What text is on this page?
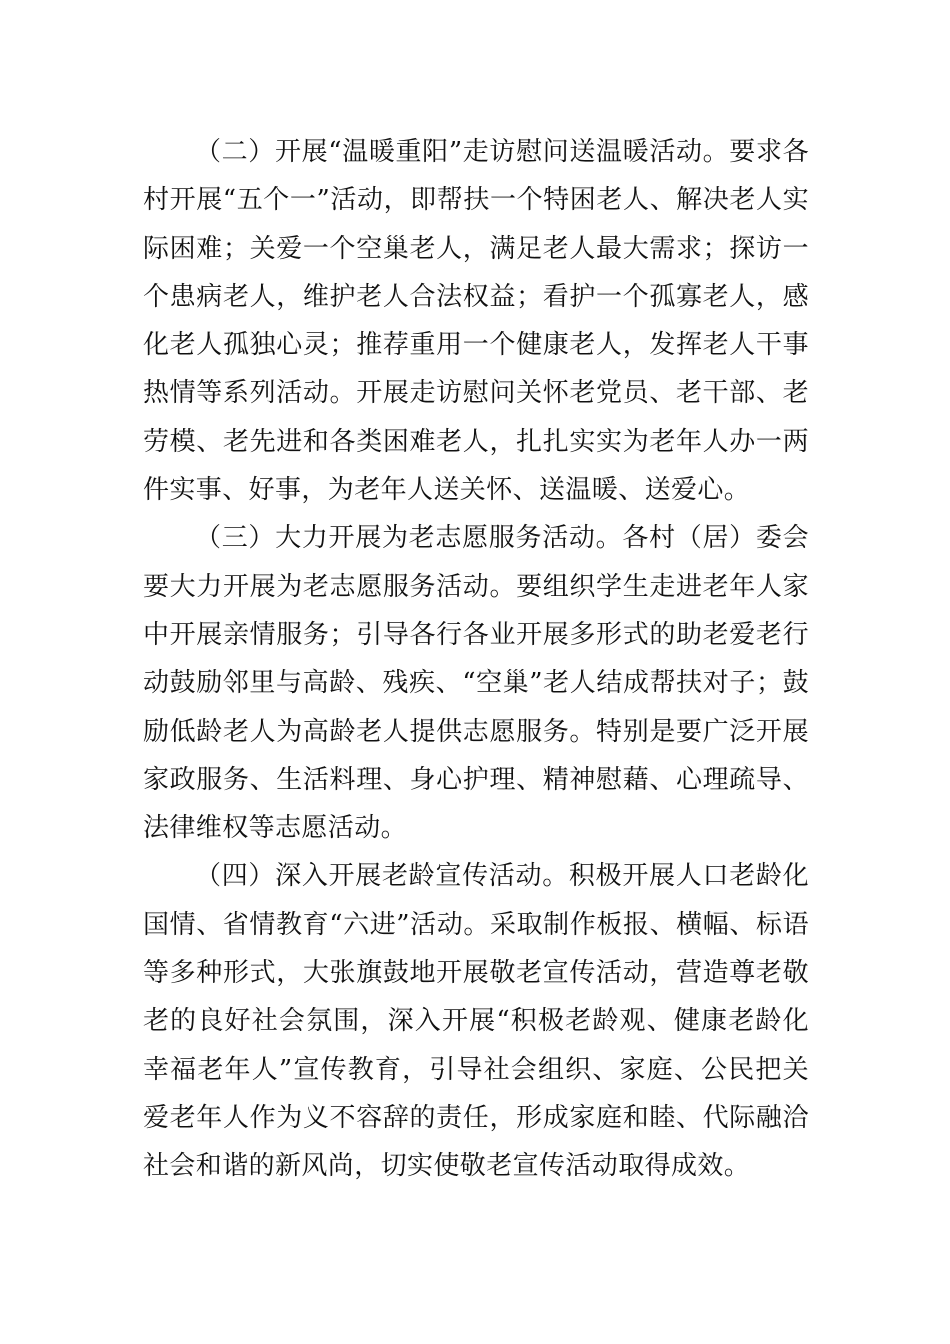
（二）开展“温暖重阳”走访慰问送温暖活动。要求各村开展“五个一”活动，即帮扶一个特困老人、解决老人实际困难；关爱一个空巢老人，满足老人最大需求；探访一个患病老人，维护老人合法权益；看护一个孤寡老人，感化老人孤独心灵；推荐重用一个健康老人，发挥老人干事热情等系列活动。开展走访慰问关怀老党员、老干部、老劳模、老先进和各类困难老人，扎扎实实为老年人办一两件实事、好事，为老年人送关怀、送温暖、送爱心。

（三）大力开展为老志愿服务活动。各村（居）委会要大力开展为老志愿服务活动。要组织学生走进老年人家中开展亲情服务；引导各行各业开展多形式的助老爱老行动鼓励邻里与高龄、残疾、“空巢”老人结成帮扶对子；鼓励低龄老人为高龄老人提供志愿服务。特别是要广泛开展家政服务、生活料理、身心护理、精神慰藉、心理疏导、法律维权等志愿活动。

（四）深入开展老龄宣传活动。积极开展人口老龄化国情、省情教育“六进”活动。采取制作板报、横幅、标语等多种形式，大张旗鼓地开展敬老宣传活动，营造尊老敬老的良好社会氛围，深入开展“积极老龄观、健康老龄化幸福老年人”宣传教育，引导社会组织、家庭、公民把关爱老年人作为义不容辞的责任，形成家庭和睦、代际融洽社会和谐的新风尚，切实使敬老宣传活动取得成效。
